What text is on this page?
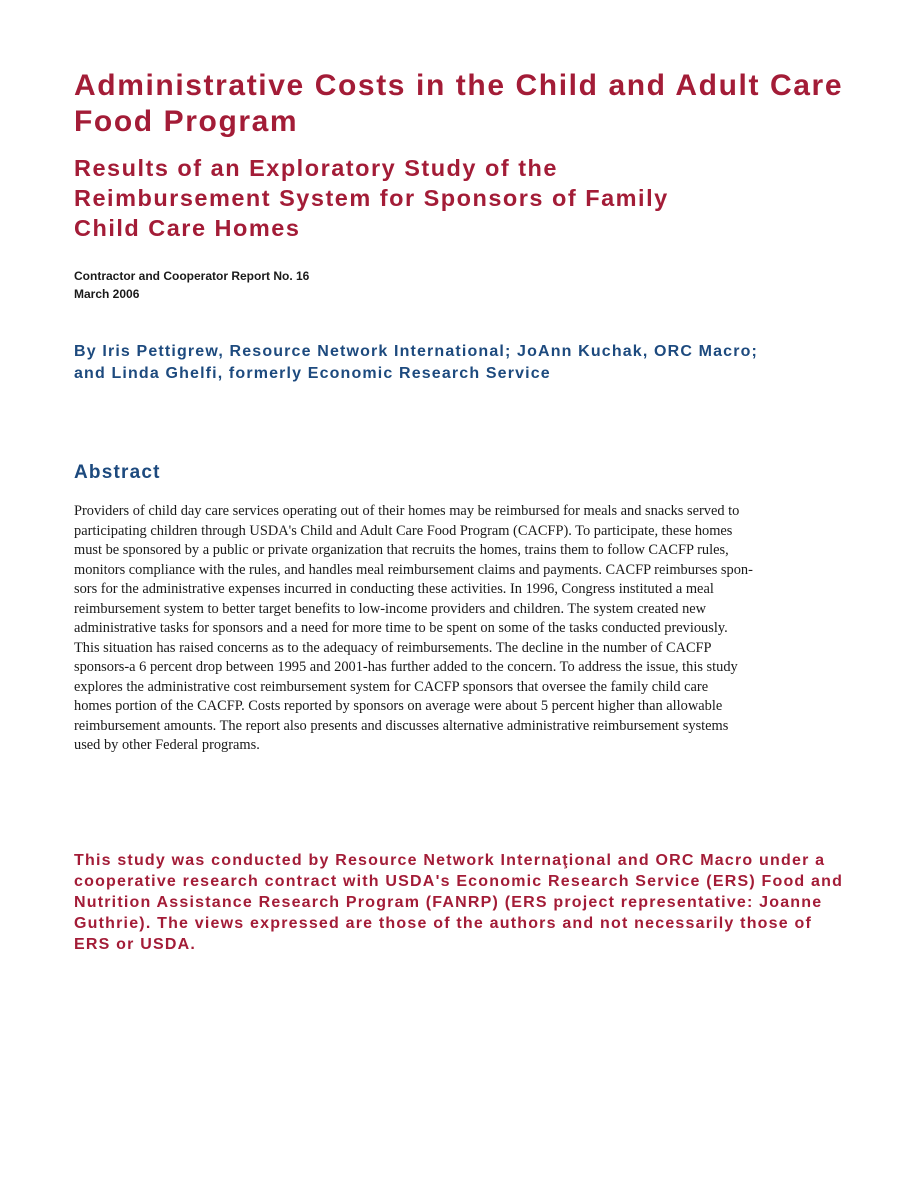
Administrative Costs in the Child and Adult Care Food Program
Results of an Exploratory Study of the Reimbursement System for Sponsors of Family Child Care Homes
Contractor and Cooperator Report No. 16
March 2006
By Iris Pettigrew, Resource Network International; JoAnn Kuchak, ORC Macro; and Linda Ghelfi, formerly Economic Research Service
Abstract
Providers of child day care services operating out of their homes may be reimbursed for meals and snacks served to
participating children through USDA's Child and Adult Care Food Program (CACFP). To participate, these homes
must be sponsored by a public or private organization that recruits the homes, trains them to follow CACFP rules,
monitors compliance with the rules, and handles meal reimbursement claims and payments. CACFP reimburses spon-
sors for the administrative expenses incurred in conducting these activities. In 1996, Congress instituted a meal
reimbursement system to better target benefits to low-income providers and children. The system created new
administrative tasks for sponsors and a need for more time to be spent on some of the tasks conducted previously.
This situation has raised concerns as to the adequacy of reimbursements. The decline in the number of CACFP
sponsors-a 6 percent drop between 1995 and 2001-has further added to the concern. To address the issue, this study
explores the administrative cost reimbursement system for CACFP sponsors that oversee the family child care
homes portion of the CACFP. Costs reported by sponsors on average were about 5 percent higher than allowable
reimbursement amounts. The report also presents and discusses alternative administrative reimbursement systems
used by other Federal programs.
This study was conducted by Resource Network Internaţional and ORC Macro under a cooperative research contract with USDA's Economic Research Service (ERS) Food and Nutrition Assistance Research Program (FANRP) (ERS project representative: Joanne Guthrie). The views expressed are those of the authors and not necessarily those of ERS or USDA.
